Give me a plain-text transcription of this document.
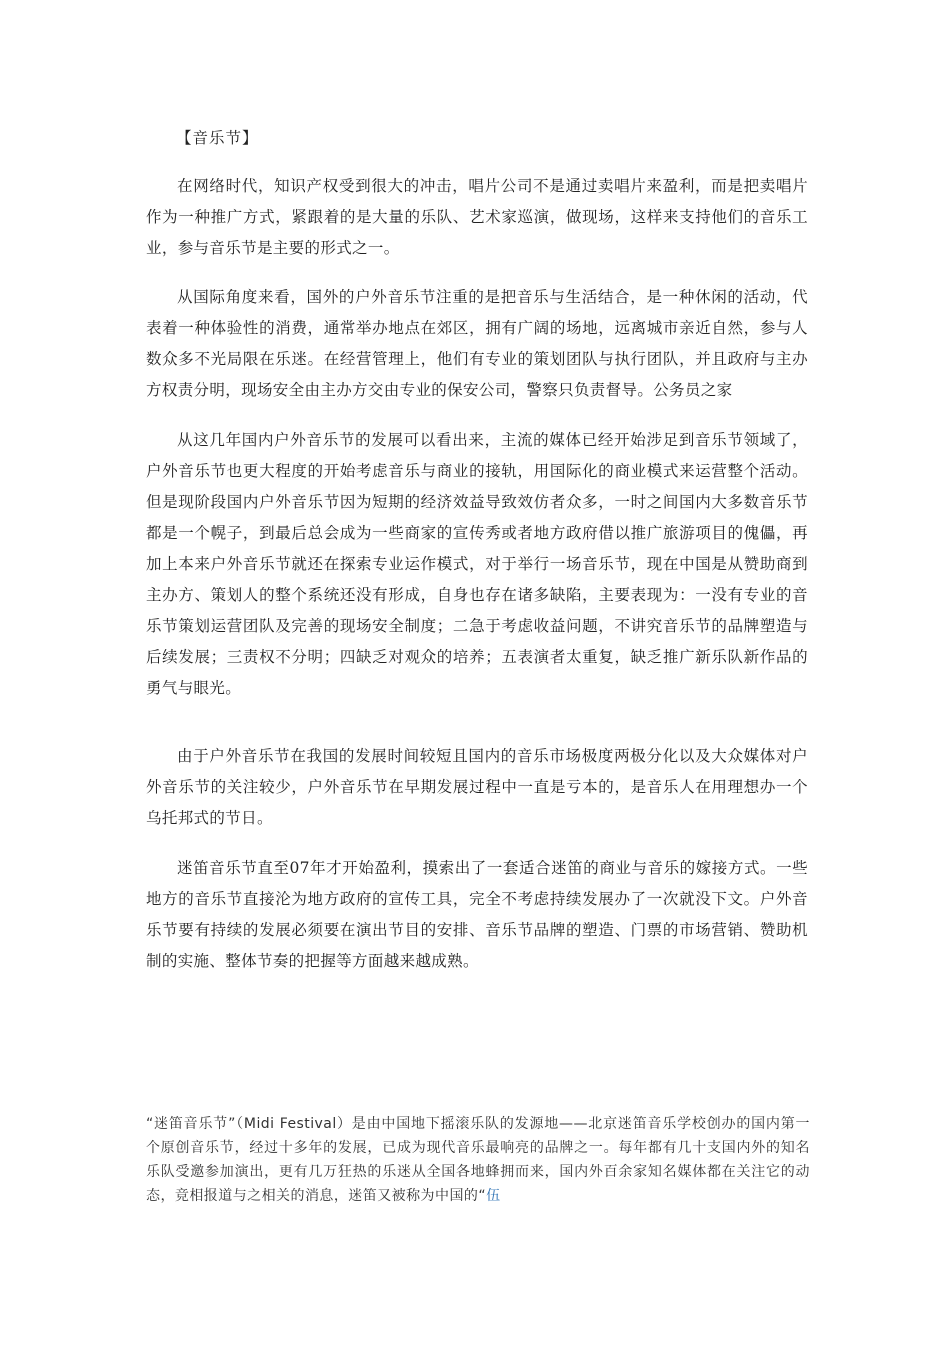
【音乐节】

在网络时代，知识产权受到很大的冲击，唱片公司不是通过卖唱片来盈利，而是把卖唱片作为一种推广方式，紧跟着的是大量的乐队、艺术家巡演，做现场，这样来支持他们的音乐工业，参与音乐节是主要的形式之一。

从国际角度来看，国外的户外音乐节注重的是把音乐与生活结合，是一种休闲的活动，代表着一种体验性的消费，通常举办地点在郊区，拥有广阔的场地，远离城市亲近自然，参与人数众多不光局限在乐迷。在经营管理上，他们有专业的策划团队与执行团队，并且政府与主办方权责分明，现场安全由主办方交由专业的保安公司，警察只负责督导。公务员之家

从这几年国内户外音乐节的发展可以看出来，主流的媒体已经开始涉足到音乐节领域了，户外音乐节也更大程度的开始考虑音乐与商业的接轨，用国际化的商业模式来运营整个活动。但是现阶段国内户外音乐节因为短期的经济效益导致效仿者众多，一时之间国内大多数音乐节都是一个幌子，到最后总会成为一些商家的宣传秀或者地方政府借以推广旅游项目的傀儡，再加上本来户外音乐节就还在探索专业运作模式，对于举行一场音乐节，现在中国是从赞助商到主办方、策划人的整个系统还没有形成，自身也存在诸多缺陷，主要表现为：一没有专业的音乐节策划运营团队及完善的现场安全制度；二急于考虑收益问题，不讲究音乐节的品牌塑造与后续发展；三责权不分明；四缺乏对观众的培养；五表演者太重复，缺乏推广新乐队新作品的勇气与眼光。

由于户外音乐节在我国的发展时间较短且国内的音乐市场极度两极分化以及大众媒体对户外音乐节的关注较少，户外音乐节在早期发展过程中一直是亏本的，是音乐人在用理想办一个乌托邦式的节日。

迷笛音乐节直至07年才开始盈利，摸索出了一套适合迷笛的商业与音乐的嫁接方式。一些地方的音乐节直接沦为地方政府的宣传工具，完全不考虑持续发展办了一次就没下文。户外音乐节要有持续的发展必须要在演出节目的安排、音乐节品牌的塑造、门票的市场营销、赞助机制的实施、整体节奏的把握等方面越来越成熟。

“迷笛音乐节”（Midi Festival）是由中国地下摇滚乐队的发源地——北京迷笛音乐学校创办的国内第一个原创音乐节，经过十多年的发展，已成为现代音乐最响亮的品牌之一。每年都有几十支国内外的知名乐队受邀参加演出，更有几万狂热的乐迷从全国各地蜂拥而来，国内外百余家知名媒体都在关注它的动态，竞相报道与之相关的消息，迷笛又被称为中国的“伍
